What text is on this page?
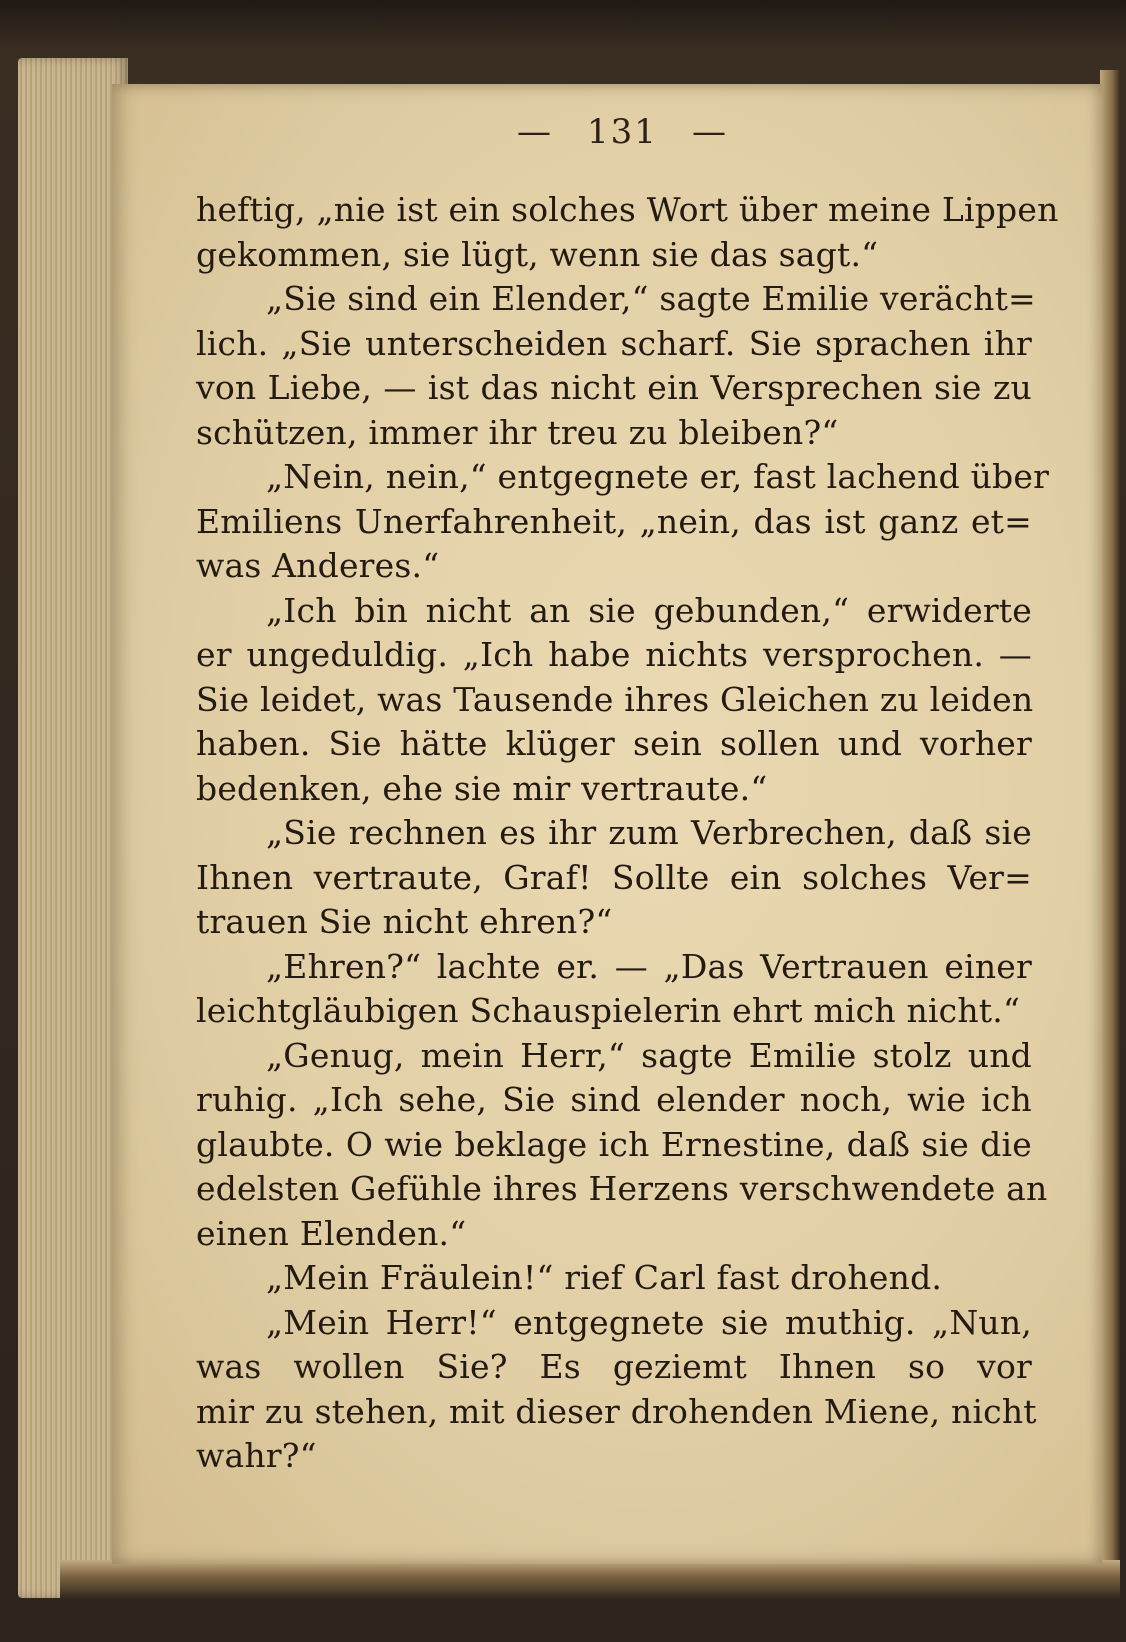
— 131 —
heftig, „nie ist ein solches Wort über meine Lippen
gekommen, sie lügt, wenn sie das sagt.“
„Sie sind ein Elender,“ sagte Emilie verächt=
lich. „Sie unterscheiden scharf. Sie sprachen ihr
von Liebe, — ist das nicht ein Versprechen sie zu
schützen, immer ihr treu zu bleiben?“
„Nein, nein,“ entgegnete er, fast lachend über
Emiliens Unerfahrenheit, „nein, das ist ganz et=
was Anderes.“
„Ich bin nicht an sie gebunden,“ erwiderte
er ungeduldig. „Ich habe nichts versprochen. —
Sie leidet, was Tausende ihres Gleichen zu leiden
haben. Sie hätte klüger sein sollen und vorher
bedenken, ehe sie mir vertraute.“
„Sie rechnen es ihr zum Verbrechen, daß sie
Ihnen vertraute, Graf! Sollte ein solches Ver=
trauen Sie nicht ehren?“
„Ehren?“ lachte er. — „Das Vertrauen einer
leichtgläubigen Schauspielerin ehrt mich nicht.“
„Genug, mein Herr,“ sagte Emilie stolz und
ruhig. „Ich sehe, Sie sind elender noch, wie ich
glaubte. O wie beklage ich Ernestine, daß sie die
edelsten Gefühle ihres Herzens verschwendete an
einen Elenden.“
„Mein Fräulein!“ rief Carl fast drohend.
„Mein Herr!“ entgegnete sie muthig. „Nun,
was wollen Sie? Es geziemt Ihnen so vor
mir zu stehen, mit dieser drohenden Miene, nicht
wahr?“
